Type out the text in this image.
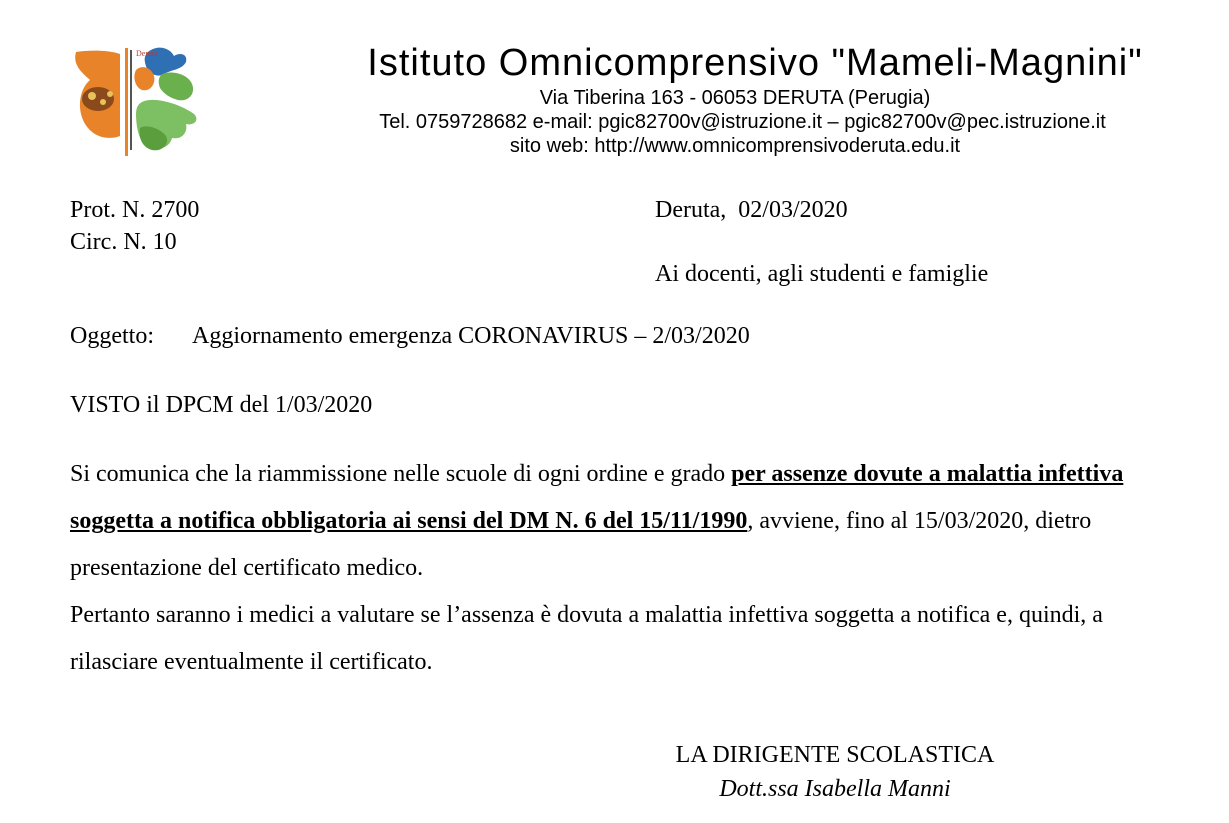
Deruta	Istituto Omnicomprensivo "Mameli-Magnini"
Via Tiberina 163 - 06053 DERUTA (Perugia)
Tel. 0759728682 e-mail: pgic82700v@istruzione.it – pgic82700v@pec.istruzione.it
sito web: http://www.omnicomprensivoderuta.edu.it
Prot. N. 2700
Circ. N. 10
Deruta,  02/03/2020
Ai docenti, agli studenti e famiglie
Oggetto: Aggiornamento emergenza CORONAVIRUS – 2/03/2020
VISTO il DPCM del 1/03/2020
Si comunica che la riammissione nelle scuole di ogni ordine e grado per assenze dovute a malattia infettiva soggetta a notifica obbligatoria ai sensi del DM N. 6 del 15/11/1990, avviene, fino al 15/03/2020, dietro presentazione del certificato medico.
Pertanto saranno i medici a valutare se l’assenza è dovuta a malattia infettiva soggetta a notifica e, quindi, a rilasciare eventualmente il certificato.
LA DIRIGENTE SCOLASTICA
Dott.ssa Isabella Manni
